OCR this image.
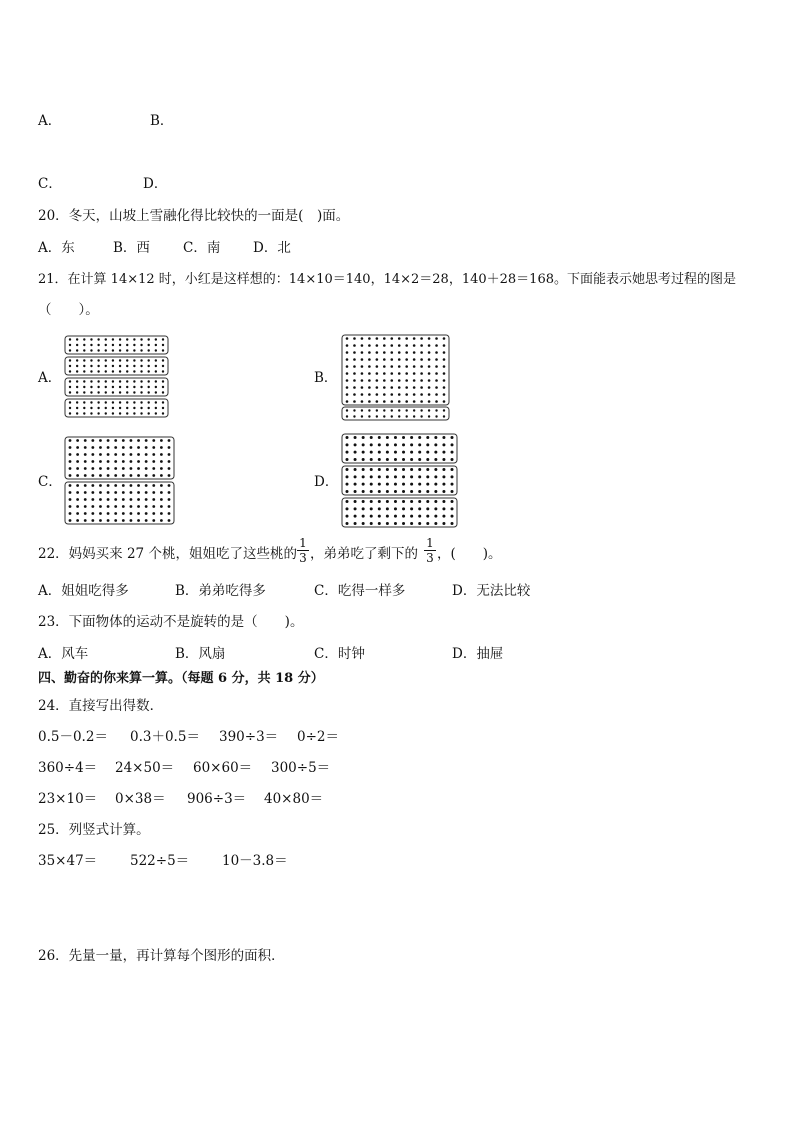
A．	B．
C．	D．
20．冬天，山坡上雪融化得比较快的一面是(　)面。
A．东	B．西 C．南 D．北
21．在计算 14×12 时，小红是这样想的：14×10＝140，14×2＝28，140＋28＝168。下面能表示她思考过程的图是
（　　）。
A．	B．
C．	D．
22．妈妈买来 27 个桃，姐姐吃了这些桃的
1
3 ，弟弟吃了剩下的
1
3 ，(　　)。
A．姐姐吃得多	B．弟弟吃得多	C．吃得一样多	D．无法比较
23．下面物体的运动不是旋转的是（　　)。
A．风车	B．风扇	C．时钟	D．抽屉
四、勤奋的你来算一算。（每题 6 分，共 18 分）
24．直接写出得数．
0.5－0.2＝ 0.3＋0.5＝ 390÷3＝ 0÷2＝
360÷4＝ 24×50＝ 60×60＝ 300÷5＝
23×10＝ 0×38＝ 906÷3＝ 40×80＝
25．列竖式计算。
35×47＝ 522÷5＝ 10－3.8＝
26．先量一量，再计算每个图形的面积．
